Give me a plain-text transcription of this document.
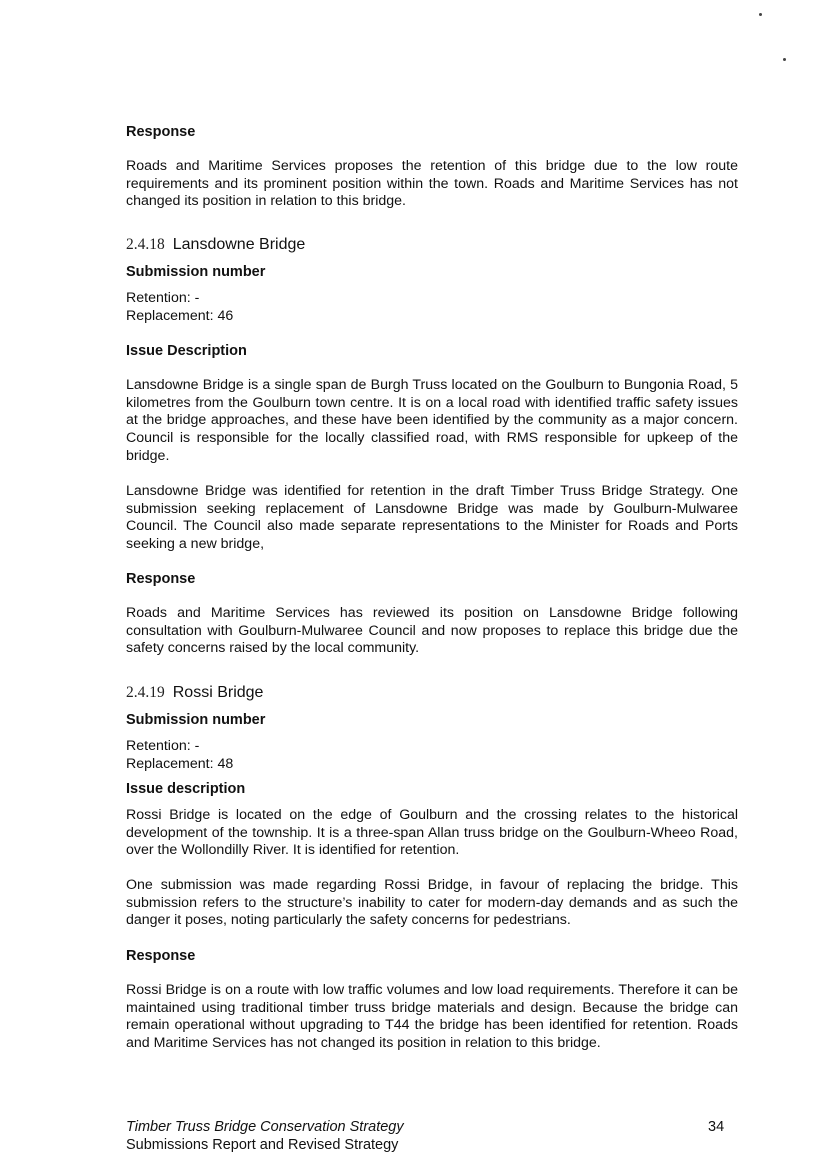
Response
Roads and Maritime Services proposes the retention of this bridge due to the low route requirements and its prominent position within the town. Roads and Maritime Services has not changed its position in relation to this bridge.
2.4.18 Lansdowne Bridge
Submission number
Retention: -
Replacement: 46
Issue Description
Lansdowne Bridge is a single span de Burgh Truss located on the Goulburn to Bungonia Road, 5 kilometres from the Goulburn town centre. It is on a local road with identified traffic safety issues at the bridge approaches, and these have been identified by the community as a major concern. Council is responsible for the locally classified road, with RMS responsible for upkeep of the bridge.
Lansdowne Bridge was identified for retention in the draft Timber Truss Bridge Strategy. One submission seeking replacement of Lansdowne Bridge was made by Goulburn-Mulwaree Council. The Council also made separate representations to the Minister for Roads and Ports seeking a new bridge,
Response
Roads and Maritime Services has reviewed its position on Lansdowne Bridge following consultation with Goulburn-Mulwaree Council and now proposes to replace this bridge due the safety concerns raised by the local community.
2.4.19 Rossi Bridge
Submission number
Retention: -
Replacement: 48
Issue description
Rossi Bridge is located on the edge of Goulburn and the crossing relates to the historical development of the township. It is a three-span Allan truss bridge on the Goulburn-Wheeo Road, over the Wollondilly River. It is identified for retention.
One submission was made regarding Rossi Bridge, in favour of replacing the bridge. This submission refers to the structure’s inability to cater for modern-day demands and as such the danger it poses, noting particularly the safety concerns for pedestrians.
Response
Rossi Bridge is on a route with low traffic volumes and low load requirements. Therefore it can be maintained using traditional timber truss bridge materials and design. Because the bridge can remain operational without upgrading to T44 the bridge has been identified for retention. Roads and Maritime Services has not changed its position in relation to this bridge.
Timber Truss Bridge Conservation Strategy
Submissions Report and Revised Strategy
34
